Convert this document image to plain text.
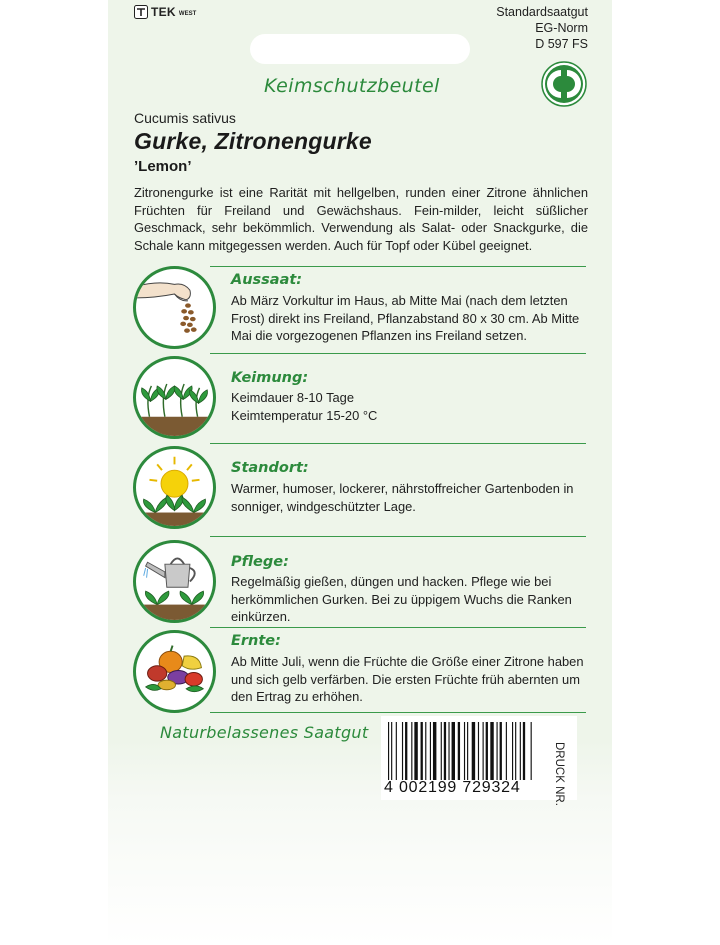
TEK WEST	Standardsaatgut
EG-Norm
D 597 FS
Keimschutzbeutel
Cucumis sativus
Gurke, Zitronengurke
’Lemon’
Zitronengurke ist eine Rarität mit hellgelben, runden einer Zitrone ähnlichen Früchten für Freiland und Gewächshaus. Fein-milder, leicht süßlicher Geschmack, sehr bekömmlich. Verwendung als Salat- oder Snackgurke, die Schale kann mitgegessen werden. Auch für Topf oder Kübel geeignet.
Aussaat:
Ab März Vorkultur im Haus, ab Mitte Mai (nach dem letzten Frost) direkt ins Freiland, Pflanzabstand 80 x 30 cm. Ab Mitte Mai die vorgezogenen Pflanzen ins Freiland setzen.
Keimung:
Keimdauer 8-10 Tage
Keimtemperatur 15-20 °C
Standort:
Warmer, humoser, lockerer, nährstoffreicher Gartenboden in sonniger, windgeschützter Lage.
Pflege:
Regelmäßig gießen, düngen und hacken. Pflege wie bei herkömmlichen Gurken. Bei zu üppigem Wuchs die Ranken einkürzen.
Ernte:
Ab Mitte Juli, wenn die Früchte die Größe einer Zitrone haben und sich gelb verfärben. Die ersten Früchte früh abernten um den Ertrag zu erhöhen.
Naturbelassenes Saatgut
4 002199 729324	DRUCK NR.
